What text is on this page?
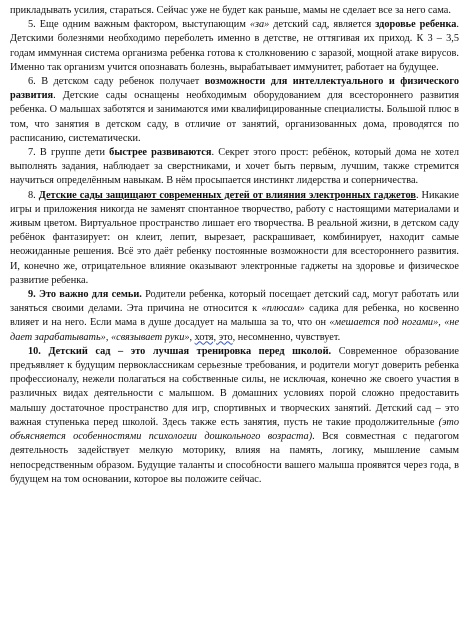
прикладывать усилия, стараться. Сейчас уже не будет как раньше, мамы не сделает все за него сама.

5. Еще одним важным фактором, выступающим «за» детский сад, является здоровье ребенка. Детскими болезнями необходимо переболеть именно в детстве, не оттягивая их приход. К 3 – 3,5 годам иммунная система организма ребенка готова к столкновению с заразой, мощной атаке вирусов. Именно так организм учится опознавать болезнь, вырабатывает иммунитет, работает на будущее.

6. В детском саду ребенок получает возможности для интеллектуального и физического развития. Детские сады оснащены необходимым оборудованием для всестороннего развития ребенка. О малышах заботятся и занимаются ими квалифицированные специалисты. Большой плюс в том, что занятия в детском саду, в отличие от занятий, организованных дома, проводятся по расписанию, систематически.

7. В группе дети быстрее развиваются. Секрет этого прост: ребёнок, который дома не хотел выполнять задания, наблюдает за сверстниками, и хочет быть первым, лучшим, также стремится научиться определённым навыкам. В нём просыпается инстинкт лидерства и соперничества.

8. Детские сады защищают современных детей от влияния электронных гаджетов. Никакие игры и приложения никогда не заменят спонтанное творчество, работу с настоящими материалами и живым цветом. Виртуальное пространство лишает его творчества. В реальной жизни, в детском саду ребёнок фантазирует: он клеит, лепит, вырезает, раскрашивает, комбинирует, находит самые неожиданные решения. Всё это даёт ребенку постоянные возможности для всестороннего развития. И, конечно же, отрицательное влияние оказывают электронные гаджеты на здоровье и физическое развитие ребенка.

9. Это важно для семьи. Родители ребенка, который посещает детский сад, могут работать или заняться своими делами. Эта причина не относится к «плюсам» садика для ребенка, но косвенно влияет и на него. Если мама в душе досадует на малыша за то, что он «мешается под ногами», «не дает зарабатывать», «связывает руки», хотя, это, несомненно, чувствует.

10. Детский сад – это лучшая тренировка перед школой. Современное образование предъявляет к будущим первоклассникам серьезные требования, и родители могут доверить ребенка профессионалу, нежели полагаться на собственные силы, не исключая, конечно же своего участия в различных видах деятельности с малышом. В домашних условиях порой сложно предоставить малышу достаточное пространство для игр, спортивных и творческих занятий. Детский сад – это важная ступенька перед школой. Здесь также есть занятия, пусть не такие продолжительные (это объясняется особенностями психологии дошкольного возраста). Вся совместная с педагогом деятельность задействует мелкую моторику, влияя на память, логику, мышление самым непосредственным образом. Будущие таланты и способности вашего малыша проявятся через года, в будущем на том основании, которое вы положите сейчас.
